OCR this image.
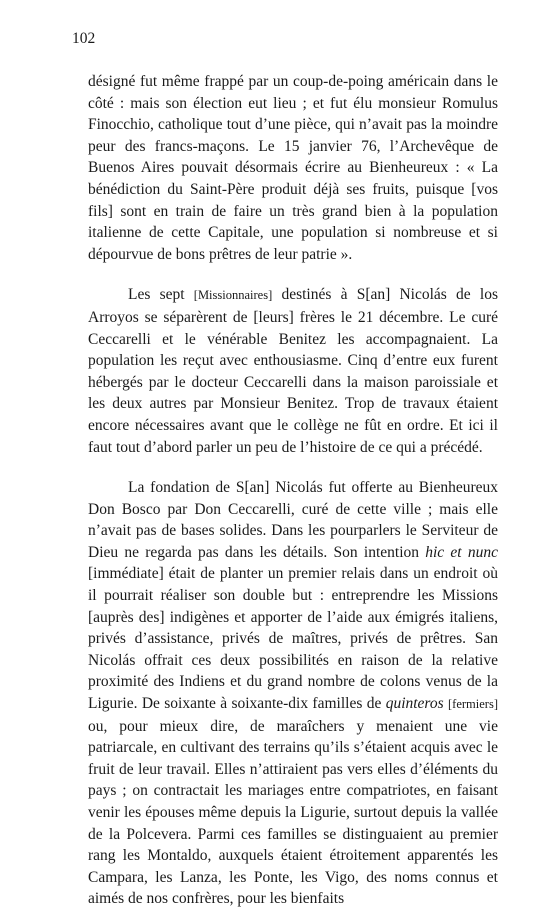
102

désigné fut même frappé par un coup-de-poing américain dans le côté : mais son élection eut lieu ; et fut élu monsieur Romulus Finocchio, catholique tout d’une pièce, qui n’avait pas la moindre peur des francs-maçons. Le 15 janvier 76, l’Archevêque de Buenos Aires pouvait désormais écrire au Bienheureux : « La bénédiction du Saint-Père produit déjà ses fruits, puisque [vos fils] sont en train de faire un très grand bien à la population italienne de cette Capitale, une population si nombreuse et si dépourvue de bons prêtres de leur patrie ».

Les sept [Missionnaires] destinés à S[an] Nicolás de los Arroyos se séparèrent de [leurs] frères le 21 décembre. Le curé Ceccarelli et le vénérable Benitez les accompagnaient. La population les reçut avec enthousiasme. Cinq d’entre eux furent hébergés par le docteur Ceccarelli dans la maison paroissiale et les deux autres par Monsieur Benitez. Trop de travaux étaient encore nécessaires avant que le collège ne fût en ordre. Et ici il faut tout d’abord parler un peu de l’histoire de ce qui a précédé.

La fondation de S[an] Nicolás fut offerte au Bienheureux Don Bosco par Don Ceccarelli, curé de cette ville ; mais elle n’avait pas de bases solides. Dans les pourparlers le Serviteur de Dieu ne regarda pas dans les détails. Son intention hic et nunc [immédiate] était de planter un premier relais dans un endroit où il pourrait réaliser son double but : entreprendre les Missions [auprès des] indigènes et apporter de l’aide aux émigrés italiens, privés d’assistance, privés de maîtres, privés de prêtres. San Nicolás offrait ces deux possibilités en raison de la relative proximité des Indiens et du grand nombre de colons venus de la Ligurie. De soixante à soixante-dix familles de quinteros [fermiers] ou, pour mieux dire, de maraîchers y menaient une vie patriarcale, en cultivant des terrains qu’ils s’étaient acquis avec le fruit de leur travail. Elles n’attiraient pas vers elles d’éléments du pays ; on contractait les mariages entre compatriotes, en faisant venir les épouses même depuis la Ligurie, surtout depuis la vallée de la Polcevera. Parmi ces familles se distinguaient au premier rang les Montaldo, auxquels étaient étroitement apparentés les Campara, les Lanza, les Ponte, les Vigo, des noms connus et aimés de nos confrères, pour les bienfaits
